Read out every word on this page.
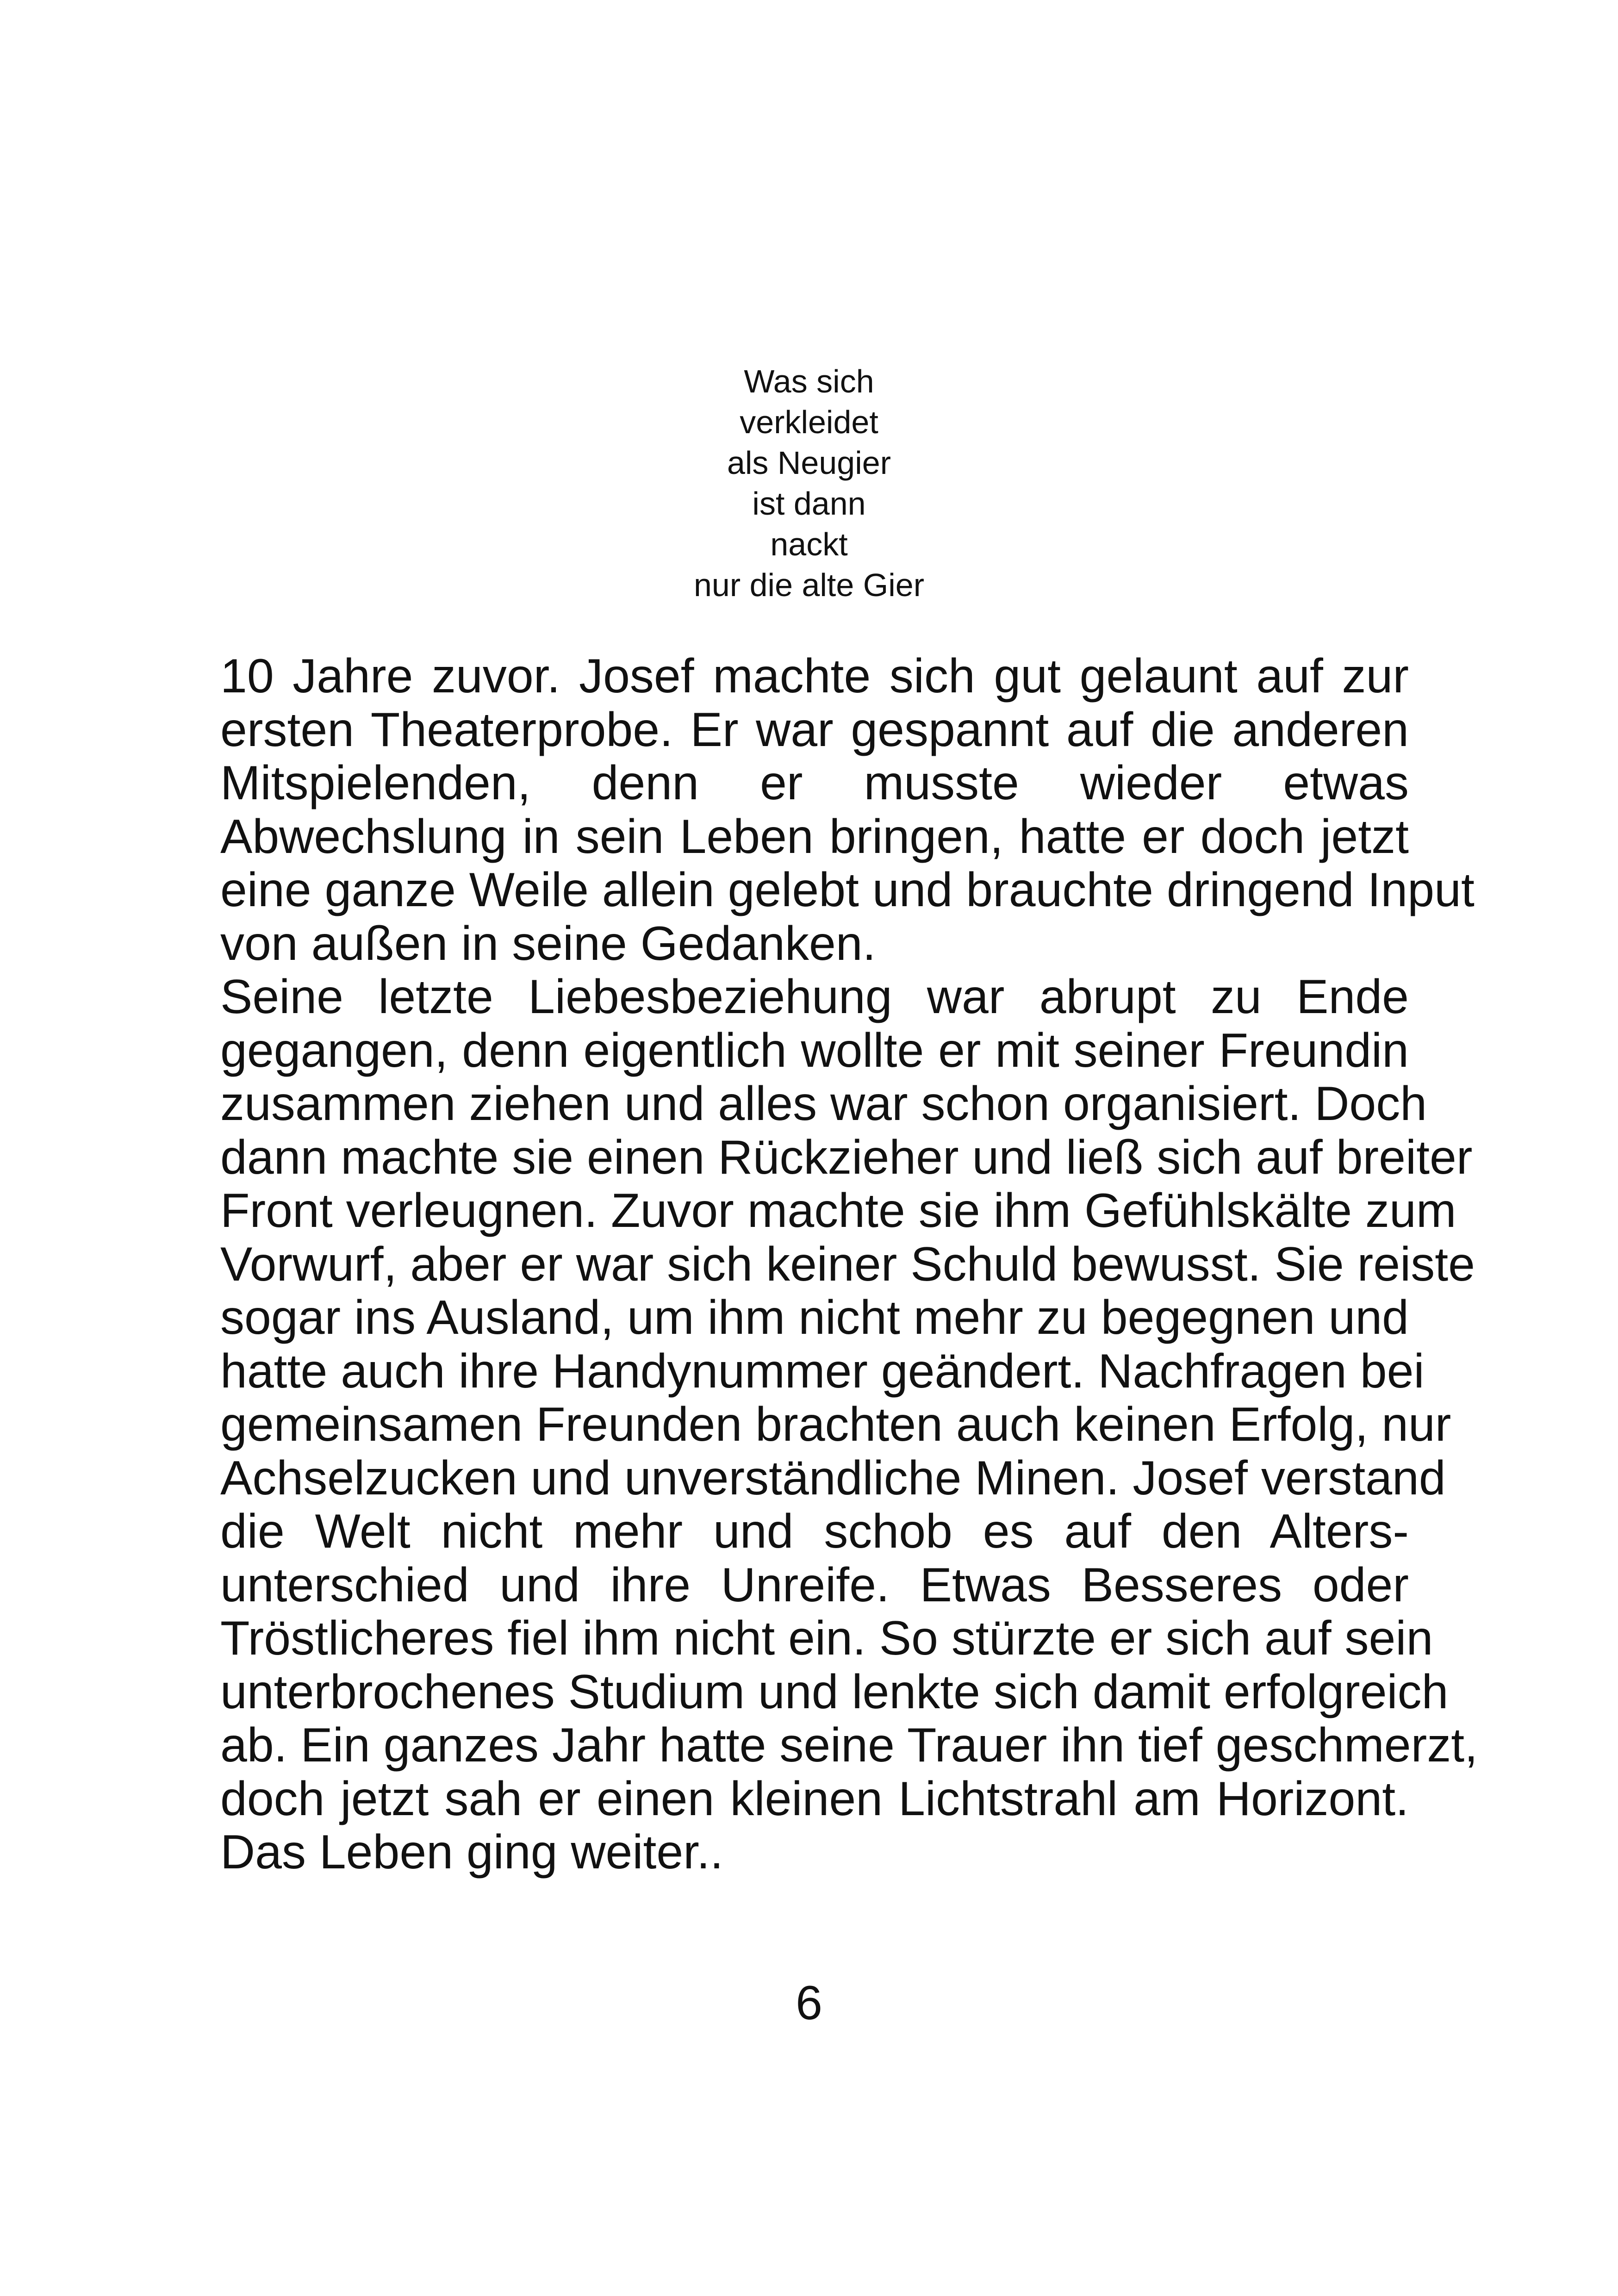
Was sich
verkleidet
als Neugier
ist dann
nackt
nur die alte Gier
10 Jahre zuvor. Josef machte sich gut gelaunt auf zur
ersten Theaterprobe. Er war gespannt auf die anderen
Mitspielenden, denn er musste wieder etwas
Abwechslung in sein Leben bringen, hatte er doch jetzt
eine ganze Weile allein gelebt und brauchte dringend Input
von außen in seine Gedanken.
Seine letzte Liebesbeziehung war abrupt zu Ende
gegangen, denn eigentlich wollte er mit seiner Freundin
zusammen ziehen und alles war schon organisiert. Doch
dann machte sie einen Rückzieher und ließ sich auf breiter
Front verleugnen. Zuvor machte sie ihm Gefühlskälte zum
Vorwurf, aber er war sich keiner Schuld bewusst. Sie reiste
sogar ins Ausland, um ihm nicht mehr zu begegnen und
hatte auch ihre Handynummer geändert. Nachfragen bei
gemeinsamen Freunden brachten auch keinen Erfolg, nur
Achselzucken und unverständliche Minen. Josef verstand
die Welt nicht mehr und schob es auf den Alters-
unterschied und ihre Unreife. Etwas Besseres oder
Tröstlicheres fiel ihm nicht ein. So stürzte er sich auf sein
unterbrochenes Studium und lenkte sich damit erfolgreich
ab. Ein ganzes Jahr hatte seine Trauer ihn tief geschmerzt,
doch jetzt sah er einen kleinen Lichtstrahl am Horizont.
Das Leben ging weiter..
6
